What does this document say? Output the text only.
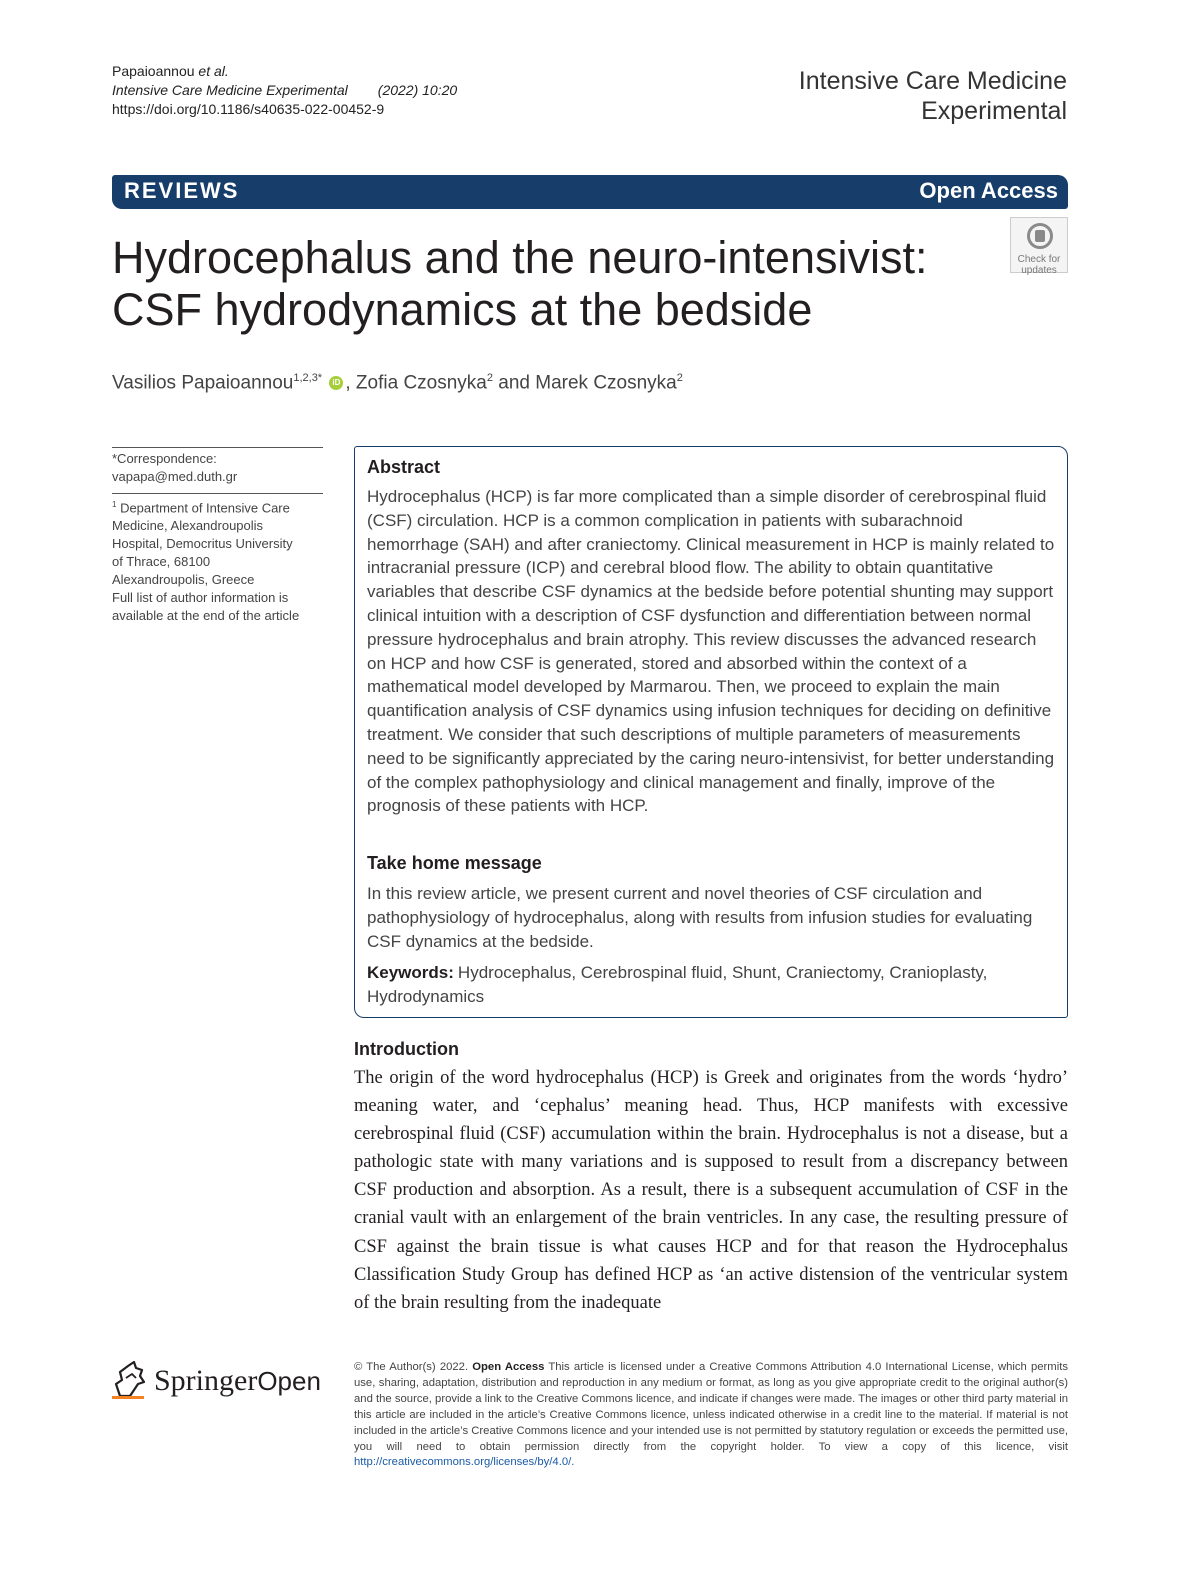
Papaioannou et al.
Intensive Care Medicine Experimental (2022) 10:20
https://doi.org/10.1186/s40635-022-00452-9
Intensive Care Medicine
Experimental
REVIEWS	Open Access
Hydrocephalus and the neuro-intensivist:
CSF hydrodynamics at the bedside
Check for
updates
Vasilios Papaioannou$^{1,2,3*}$ iD , Zofia Czosnyka$^2$ and Marek Czosnyka$^2$
*Correspondence:
vapapa@med.duth.gr
$^1$ Department of Intensive Care Medicine, Alexandroupolis Hospital, Democritus University of Thrace, 68100 Alexandroupolis, Greece
Full list of author information is available at the end of the article
Abstract
Hydrocephalus (HCP) is far more complicated than a simple disorder of cerebrospinal fluid (CSF) circulation. HCP is a common complication in patients with subarachnoid hemorrhage (SAH) and after craniectomy. Clinical measurement in HCP is mainly related to intracranial pressure (ICP) and cerebral blood flow. The ability to obtain quantitative variables that describe CSF dynamics at the bedside before potential shunting may support clinical intuition with a description of CSF dysfunction and differentiation between normal pressure hydrocephalus and brain atrophy. This review discusses the advanced research on HCP and how CSF is generated, stored and absorbed within the context of a mathematical model developed by Marmarou. Then, we proceed to explain the main quantification analysis of CSF dynamics using infusion techniques for deciding on definitive treatment. We consider that such descriptions of multiple parameters of measurements need to be significantly appreciated by the caring neuro-intensivist, for better understanding of the complex pathophysiology and clinical management and finally, improve of the prognosis of these patients with HCP.
Take home message
In this review article, we present current and novel theories of CSF circulation and pathophysiology of hydrocephalus, along with results from infusion studies for evaluating CSF dynamics at the bedside.
Keywords: Hydrocephalus, Cerebrospinal fluid, Shunt, Craniectomy, Cranioplasty, Hydrodynamics
Introduction
The origin of the word hydrocephalus (HCP) is Greek and originates from the words ‘hydro’ meaning water, and ‘cephalus’ meaning head. Thus, HCP manifests with excessive cerebrospinal fluid (CSF) accumulation within the brain. Hydrocephalus is not a disease, but a pathologic state with many variations and is supposed to result from a discrepancy between CSF production and absorption. As a result, there is a subsequent accumulation of CSF in the cranial vault with an enlargement of the brain ventricles. In any case, the resulting pressure of CSF against the brain tissue is what causes HCP and for that reason the Hydrocephalus Classification Study Group has defined HCP as ‘an active distension of the ventricular system of the brain resulting from the inadequate
SpringerOpen	© The Author(s) 2022. Open Access This article is licensed under a Creative Commons Attribution 4.0 International License, which permits use, sharing, adaptation, distribution and reproduction in any medium or format, as long as you give appropriate credit to the original author(s) and the source, provide a link to the Creative Commons licence, and indicate if changes were made. The images or other third party material in this article are included in the article’s Creative Commons licence, unless indicated otherwise in a credit line to the material. If material is not included in the article’s Creative Commons licence and your intended use is not permitted by statutory regulation or exceeds the permitted use, you will need to obtain permission directly from the copyright holder. To view a copy of this licence, visit http://creativecommons.org/licenses/by/4.0/.
